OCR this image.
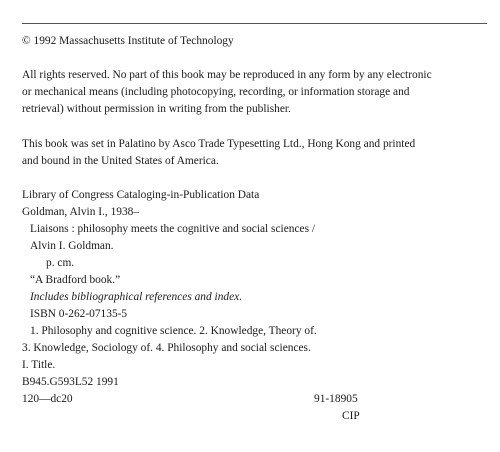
© 1992 Massachusetts Institute of Technology
All rights reserved. No part of this book may be reproduced in any form by any electronic
or mechanical means (including photocopying, recording, or information storage and
retrieval) without permission in writing from the publisher.
This book was set in Palatino by Asco Trade Typesetting Ltd., Hong Kong and printed
and bound in the United States of America.
Library of Congress Cataloging-in-Publication Data
Goldman, Alvin I., 1938–
Liaisons : philosophy meets the cognitive and social sciences /
Alvin I. Goldman.
p. cm.
“A Bradford book.”
Includes bibliographical references and index.
ISBN 0-262-07135-5
1. Philosophy and cognitive science. 2. Knowledge, Theory of.
3. Knowledge, Sociology of. 4. Philosophy and social sciences.
I. Title.
B945.G593L52 1991
120—dc20	91-18905
CIP
